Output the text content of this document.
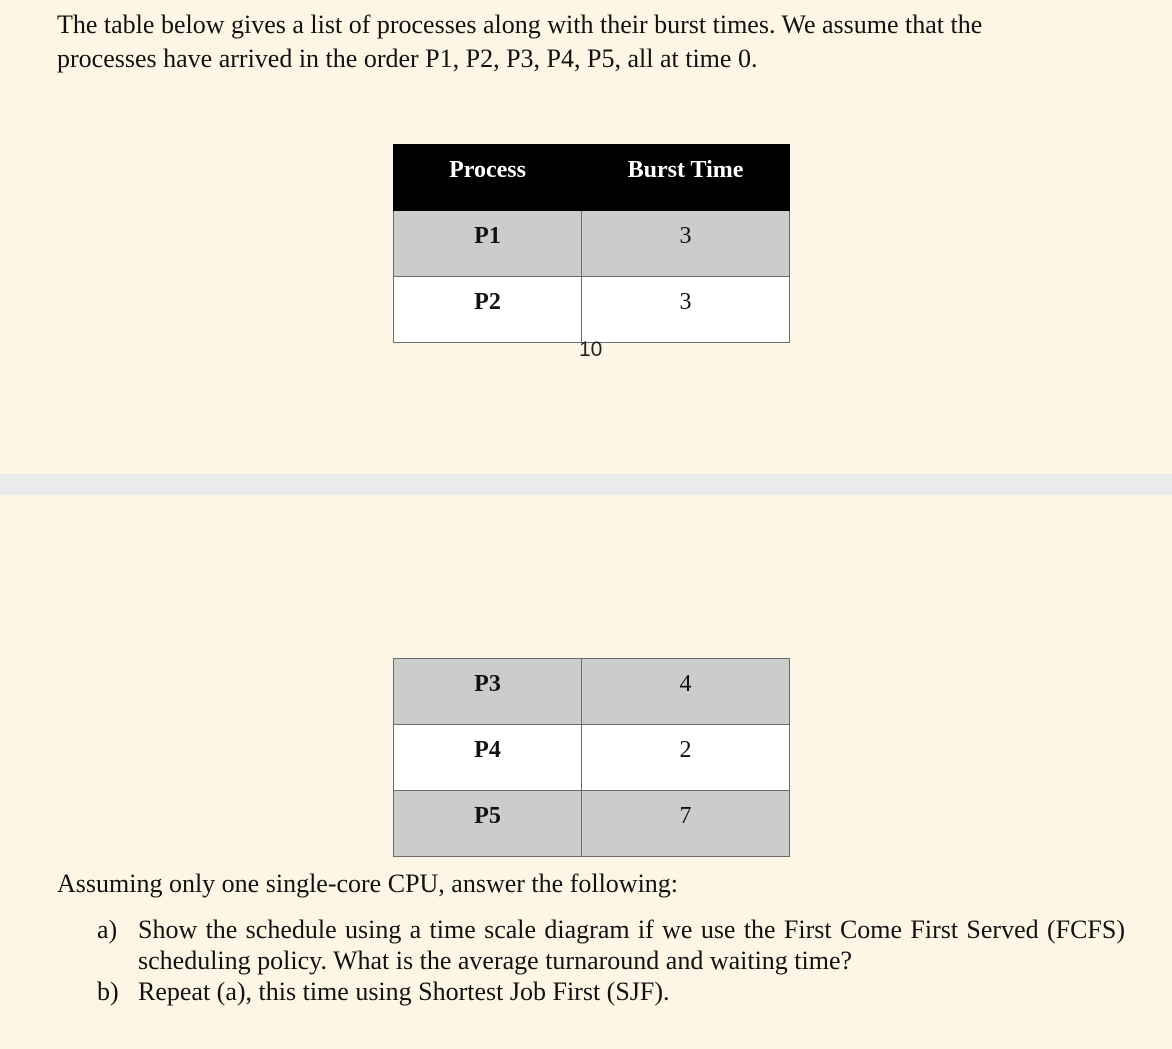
The table below gives a list of processes along with their burst times. We assume that the

processes have arrived in the order P1, P2, P3, P4, P5, all at time 0.

Process	Burst Time
P1	3
P2	3
10
P3	4
P4	2
P5	7

Assuming only one single-core CPU, answer the following:

a) Show the schedule using a time scale diagram if we use the First Come First Served (FCFS) scheduling policy. What is the average turnaround and waiting time?
b) Repeat (a), this time using Shortest Job First (SJF).
